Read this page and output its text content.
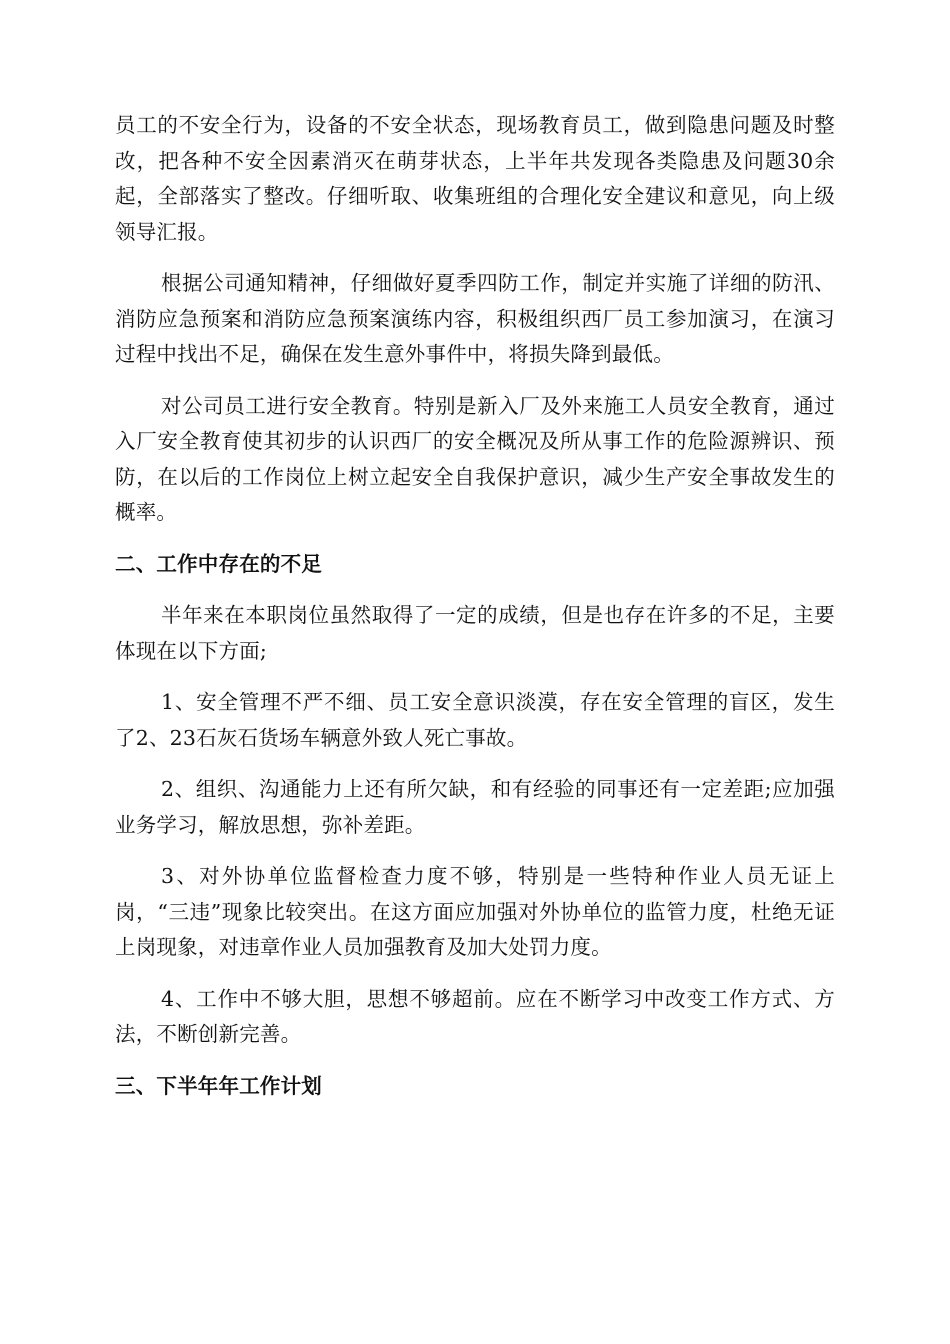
员工的不安全行为，设备的不安全状态，现场教育员工，做到隐患问题及时整改，把各种不安全因素消灭在萌芽状态，上半年共发现各类隐患及问题30余起，全部落实了整改。仔细听取、收集班组的合理化安全建议和意见，向上级领导汇报。

根据公司通知精神，仔细做好夏季四防工作，制定并实施了详细的防汛、消防应急预案和消防应急预案演练内容，积极组织西厂员工参加演习，在演习过程中找出不足，确保在发生意外事件中，将损失降到最低。

对公司员工进行安全教育。特别是新入厂及外来施工人员安全教育，通过入厂安全教育使其初步的认识西厂的安全概况及所从事工作的危险源辨识、预防，在以后的工作岗位上树立起安全自我保护意识，减少生产安全事故发生的概率。

二、工作中存在的不足

半年来在本职岗位虽然取得了一定的成绩，但是也存在许多的不足，主要体现在以下方面;

1、安全管理不严不细、员工安全意识淡漠，存在安全管理的盲区，发生了2、23石灰石货场车辆意外致人死亡事故。

2、组织、沟通能力上还有所欠缺，和有经验的同事还有一定差距;应加强业务学习，解放思想，弥补差距。

3、对外协单位监督检查力度不够，特别是一些特种作业人员无证上岗，“三违”现象比较突出。在这方面应加强对外协单位的监管力度，杜绝无证上岗现象，对违章作业人员加强教育及加大处罚力度。

4、工作中不够大胆，思想不够超前。应在不断学习中改变工作方式、方法，不断创新完善。

三、下半年年工作计划
